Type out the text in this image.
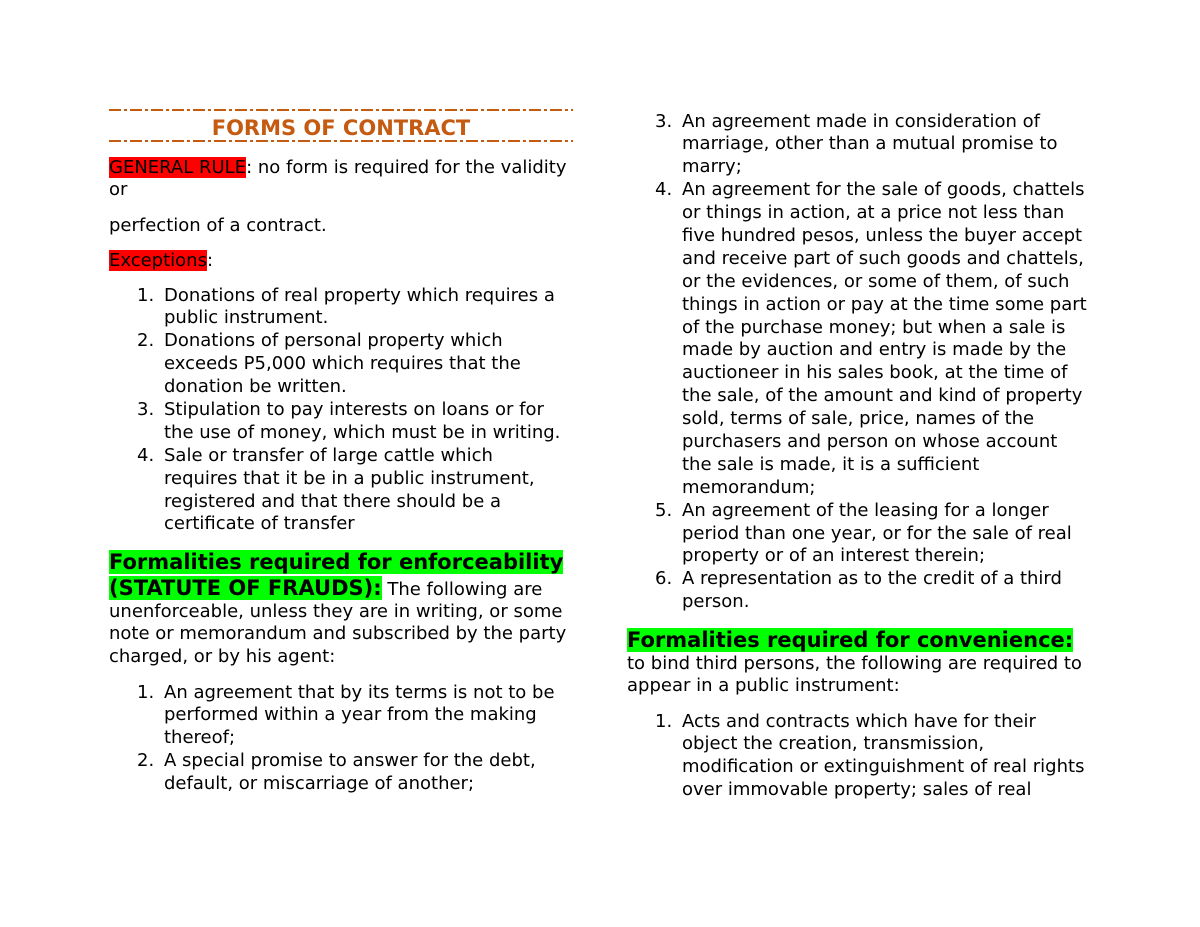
FORMS OF CONTRACT
GENERAL RULE: no form is required for the validity
or
perfection of a contract.
Exceptions:
1. Donations of real property which requires a
public instrument.
2. Donations of personal property which
exceeds P5,000 which requires that the
donation be written.
3. Stipulation to pay interests on loans or for
the use of money, which must be in writing.
4. Sale or transfer of large cattle which
requires that it be in a public instrument,
registered and that there should be a
certificate of transfer
Formalities required for enforceability
(STATUTE OF FRAUDS): The following are
unenforceable, unless they are in writing, or some
note or memorandum and subscribed by the party
charged, or by his agent:
1. An agreement that by its terms is not to be
performed within a year from the making
thereof;
2. A special promise to answer for the debt,
default, or miscarriage of another;
3. An agreement made in consideration of
marriage, other than a mutual promise to
marry;
4. An agreement for the sale of goods, chattels
or things in action, at a price not less than
five hundred pesos, unless the buyer accept
and receive part of such goods and chattels,
or the evidences, or some of them, of such
things in action or pay at the time some part
of the purchase money; but when a sale is
made by auction and entry is made by the
auctioneer in his sales book, at the time of
the sale, of the amount and kind of property
sold, terms of sale, price, names of the
purchasers and person on whose account
the sale is made, it is a sufficient
memorandum;
5. An agreement of the leasing for a longer
period than one year, or for the sale of real
property or of an interest therein;
6. A representation as to the credit of a third
person.
Formalities required for convenience:
to bind third persons, the following are required to
appear in a public instrument:
1. Acts and contracts which have for their
object the creation, transmission,
modification or extinguishment of real rights
over immovable property; sales of real
